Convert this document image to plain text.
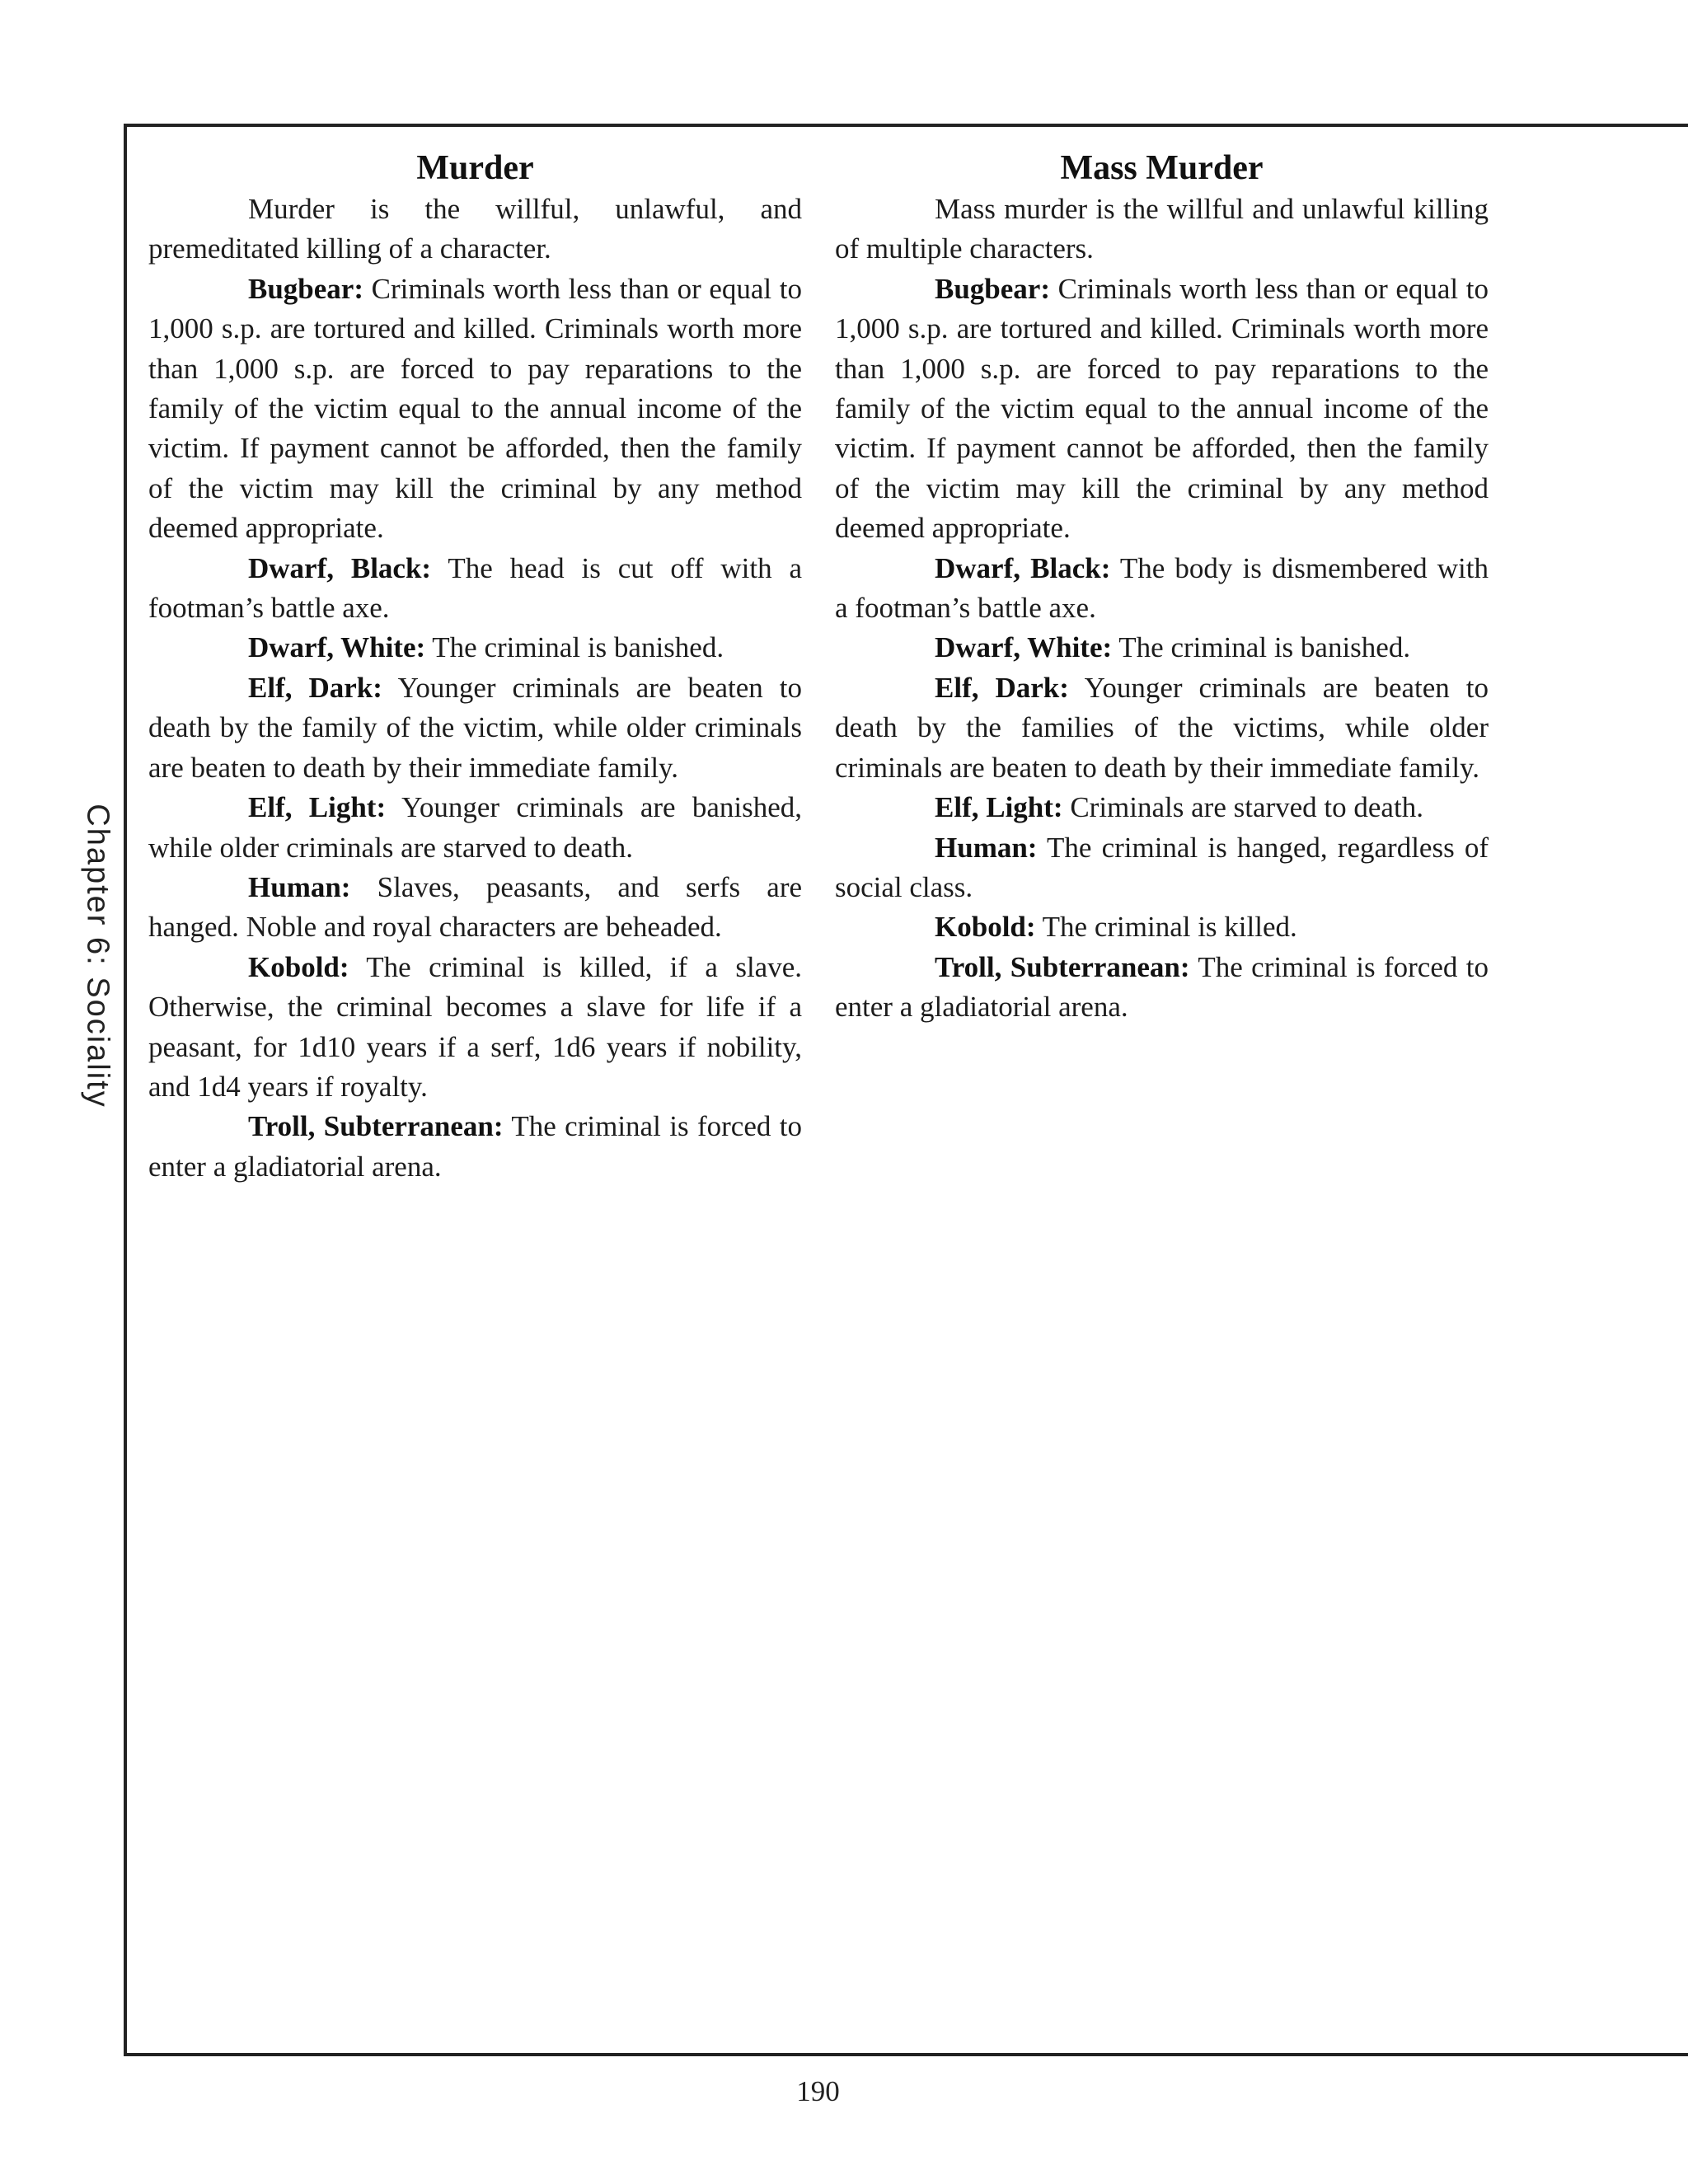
Chapter 6: Sociality
Murder

Murder is the willful, unlawful, and premeditated killing of a character.

Bugbear: Criminals worth less than or equal to 1,000 s.p. are tortured and killed. Criminals worth more than 1,000 s.p. are forced to pay reparations to the family of the victim equal to the annual income of the victim. If payment cannot be afforded, then the family of the victim may kill the criminal by any method deemed appropriate.

Dwarf, Black: The head is cut off with a footman’s battle axe.

Dwarf, White: The criminal is banished.

Elf, Dark: Younger criminals are beaten to death by the family of the victim, while older criminals are beaten to death by their immediate family.

Elf, Light: Younger criminals are banished, while older criminals are starved to death.

Human: Slaves, peasants, and serfs are hanged. Noble and royal characters are beheaded.

Kobold: The criminal is killed, if a slave. Otherwise, the criminal becomes a slave for life if a peasant, for 1d10 years if a serf, 1d6 years if nobility, and 1d4 years if royalty.

Troll, Subterranean: The criminal is forced to enter a gladiatorial arena.

Mass Murder

Mass murder is the willful and unlawful killing of multiple characters.

Bugbear: Criminals worth less than or equal to 1,000 s.p. are tortured and killed. Criminals worth more than 1,000 s.p. are forced to pay reparations to the family of the victim equal to the annual income of the victim. If payment cannot be afforded, then the family of the victim may kill the criminal by any method deemed appropriate.

Dwarf, Black: The body is dismembered with a footman’s battle axe.

Dwarf, White: The criminal is banished.

Elf, Dark: Younger criminals are beaten to death by the families of the victims, while older criminals are beaten to death by their immediate family.

Elf, Light: Criminals are starved to death.

Human: The criminal is hanged, regardless of social class.

Kobold: The criminal is killed.

Troll, Subterranean: The criminal is forced to enter a gladiatorial arena.

190
